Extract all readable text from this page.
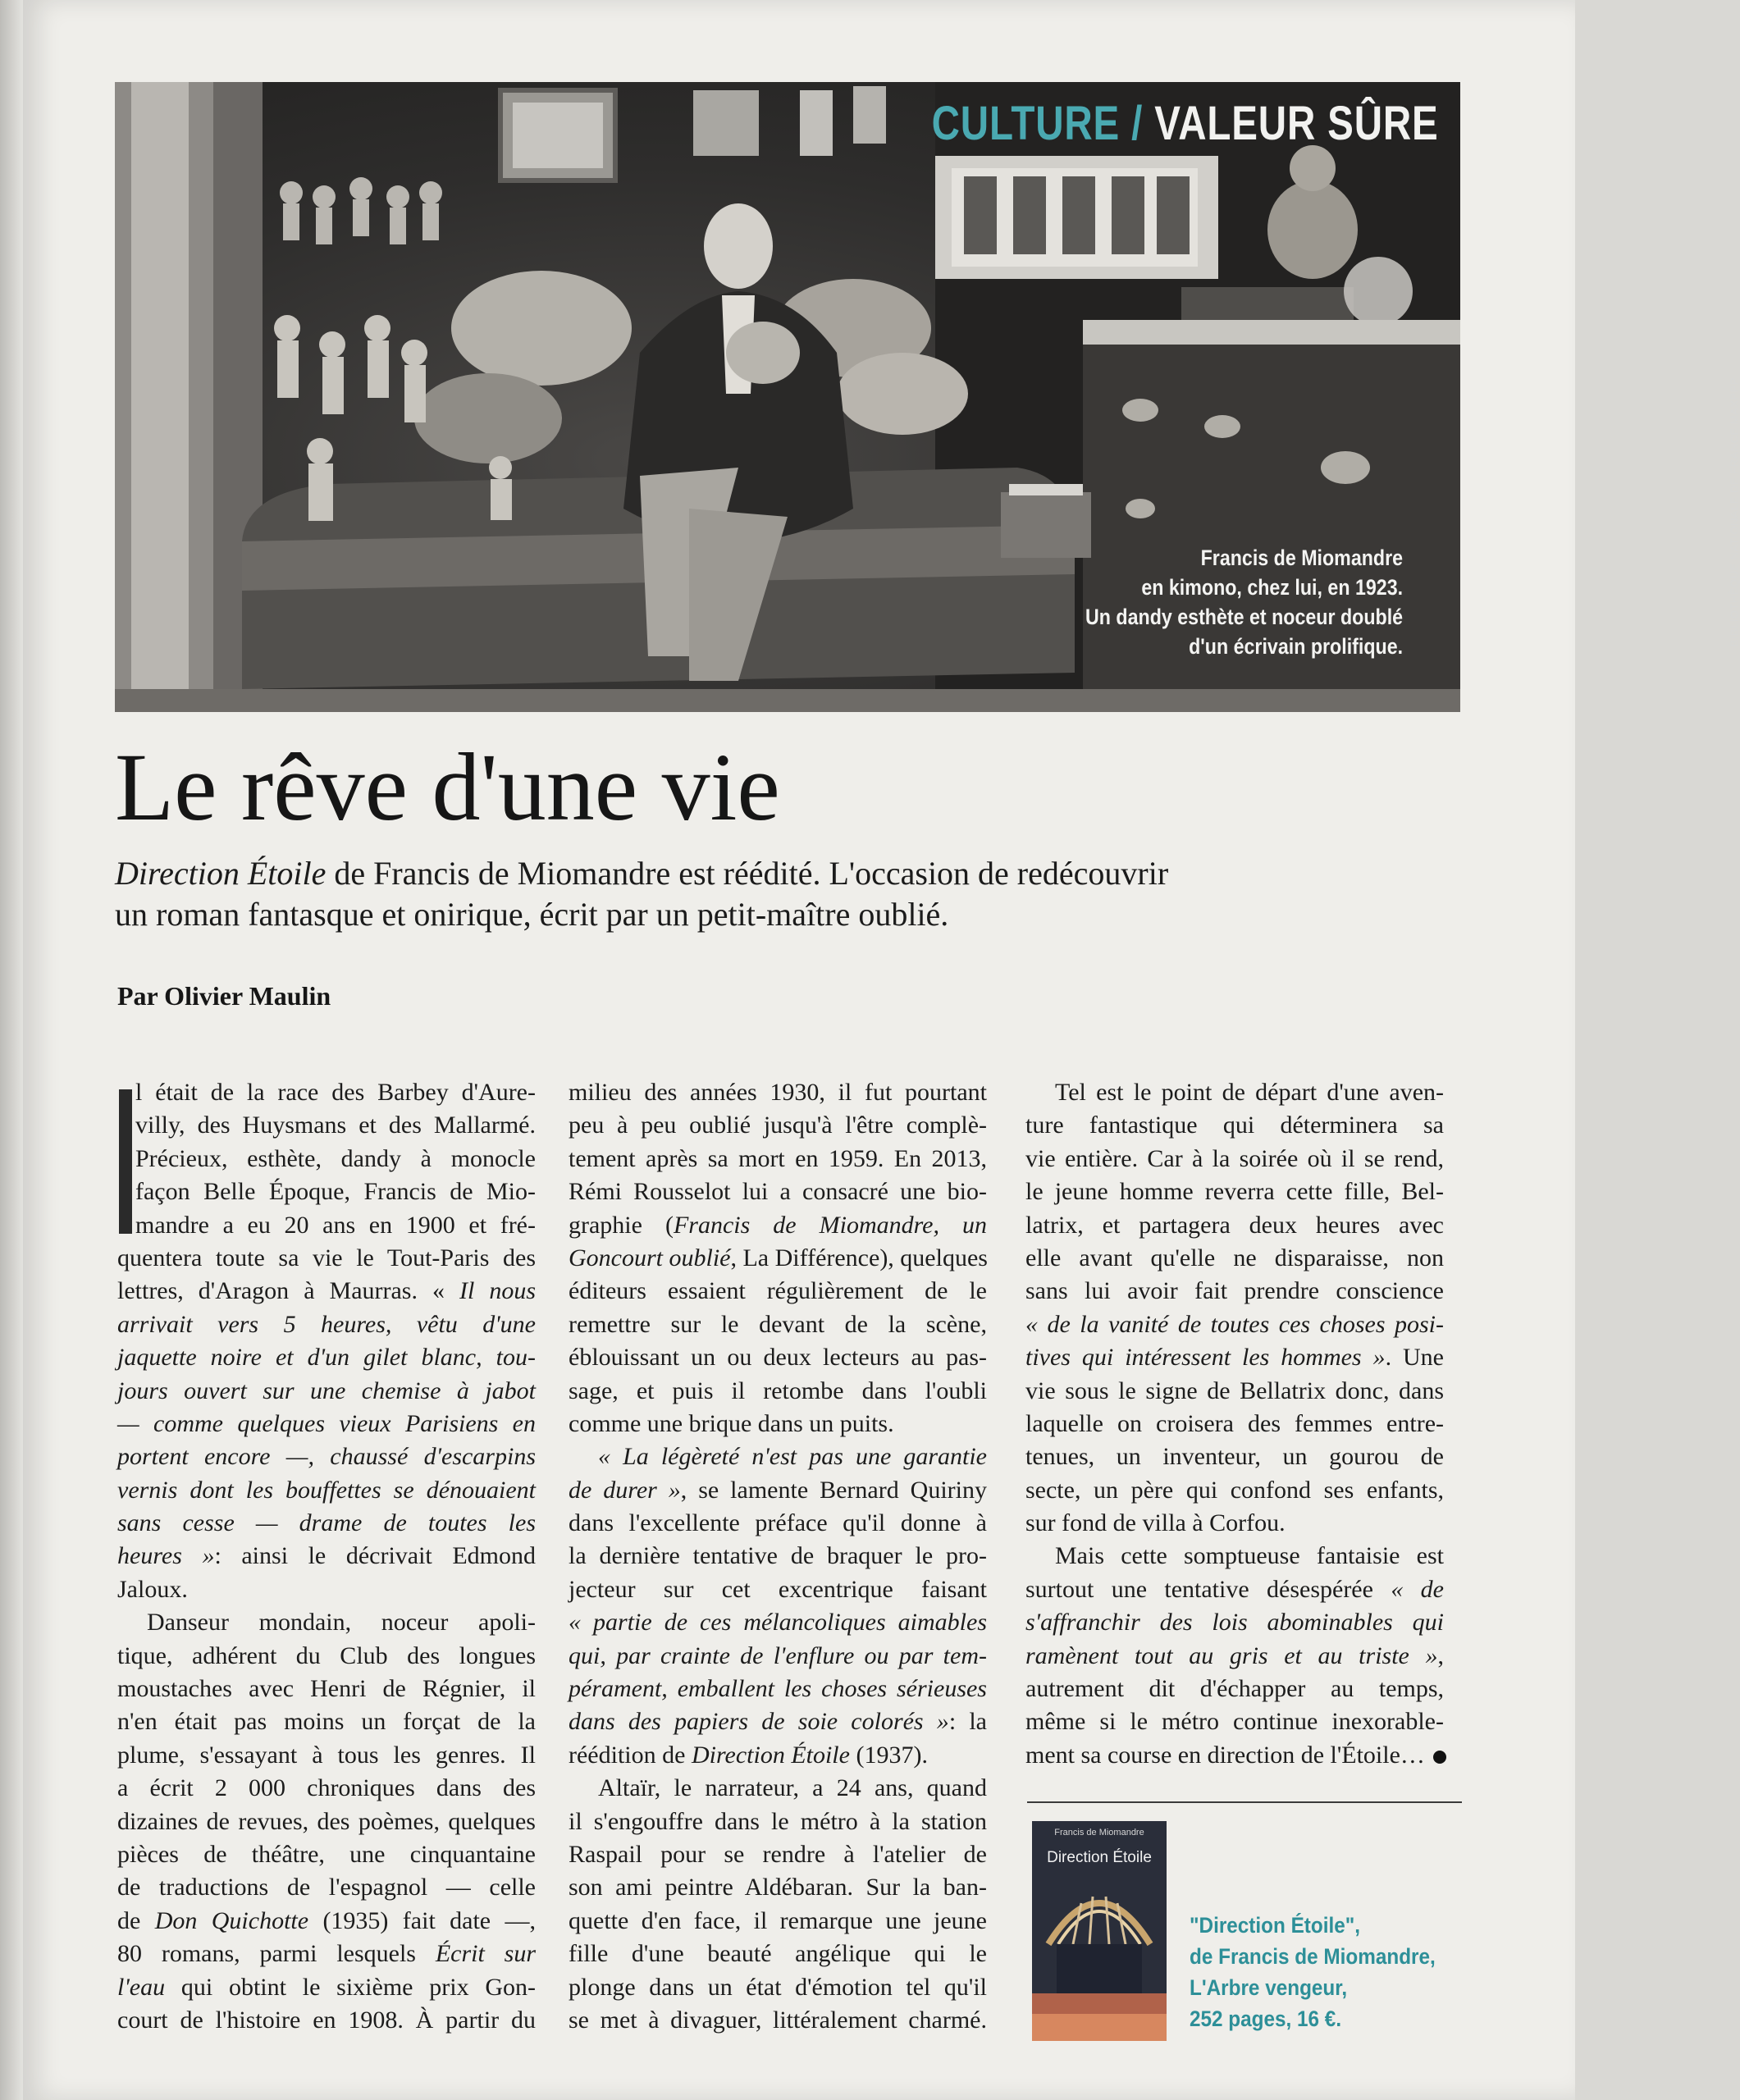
CULTURE / VALEUR SÛRE
Francis de Miomandre
en kimono, chez lui, en 1923.
Un dandy esthète et noceur doublé
d'un écrivain prolifique.	BIBLIOTHÈQUE NATIONALE DE FRANCE MAXPPP
Le rêve d'une vie
Direction Étoile de Francis de Miomandre est réédité. L'occasion de redécouvrir
un roman fantasque et onirique, écrit par un petit-maître oublié.
Par Olivier Maulin
l était de la race des Barbey d'Aure-
villy, des Huysmans et des Mallarmé.
Précieux, esthète, dandy à monocle
façon Belle Époque, Francis de Mio-
mandre a eu 20 ans en 1900 et fré-
quentera toute sa vie le Tout-Paris des
lettres, d'Aragon à Maurras. « Il nous
arrivait vers 5 heures, vêtu d'une
jaquette noire et d'un gilet blanc, tou-
jours ouvert sur une chemise à jabot
— comme quelques vieux Parisiens en
portent encore —, chaussé d'escarpins
vernis dont les bouffettes se dénouaient
sans cesse — drame de toutes les
heures »: ainsi le décrivait Edmond
Jaloux.
Danseur mondain, noceur apoli-
tique, adhérent du Club des longues
moustaches avec Henri de Régnier, il
n'en était pas moins un forçat de la
plume, s'essayant à tous les genres. Il
a écrit 2 000 chroniques dans des
dizaines de revues, des poèmes, quelques
pièces de théâtre, une cinquantaine
de traductions de l'espagnol — celle
de Don Quichotte (1935) fait date —,
80 romans, parmi lesquels Écrit sur
l'eau qui obtint le sixième prix Gon-
court de l'histoire en 1908. À partir du
milieu des années 1930, il fut pourtant
peu à peu oublié jusqu'à l'être complè-
tement après sa mort en 1959. En 2013,
Rémi Rousselot lui a consacré une bio-
graphie (Francis de Miomandre, un
Goncourt oublié, La Différence), quelques
éditeurs essaient régulièrement de le
remettre sur le devant de la scène,
éblouissant un ou deux lecteurs au pas-
sage, et puis il retombe dans l'oubli
comme une brique dans un puits.
« La légèreté n'est pas une garantie
de durer », se lamente Bernard Quiriny
dans l'excellente préface qu'il donne à
la dernière tentative de braquer le pro-
jecteur sur cet excentrique faisant
« partie de ces mélancoliques aimables
qui, par crainte de l'enflure ou par tem-
pérament, emballent les choses sérieuses
dans des papiers de soie colorés »: la
réédition de Direction Étoile (1937).
Altaïr, le narrateur, a 24 ans, quand
il s'engouffre dans le métro à la station
Raspail pour se rendre à l'atelier de
son ami peintre Aldébaran. Sur la ban-
quette d'en face, il remarque une jeune
fille d'une beauté angélique qui le
plonge dans un état d'émotion tel qu'il
se met à divaguer, littéralement charmé.
Tel est le point de départ d'une aven-
ture fantastique qui déterminera sa
vie entière. Car à la soirée où il se rend,
le jeune homme reverra cette fille, Bel-
latrix, et partagera deux heures avec
elle avant qu'elle ne disparaisse, non
sans lui avoir fait prendre conscience
« de la vanité de toutes ces choses posi-
tives qui intéressent les hommes ». Une
vie sous le signe de Bellatrix donc, dans
laquelle on croisera des femmes entre-
tenues, un inventeur, un gourou de
secte, un père qui confond ses enfants,
sur fond de villa à Corfou.
Mais cette somptueuse fantaisie est
surtout une tentative désespérée « de
s'affranchir des lois abominables qui
ramènent tout au gris et au triste »,
autrement dit d'échapper au temps,
même si le métro continue inexorable-
ment sa course en direction de l'Étoile…
Francis de Miomandre
Direction Étoile
"Direction Étoile",
de Francis de Miomandre,
L'Arbre vengeur,
252 pages, 16 €.
